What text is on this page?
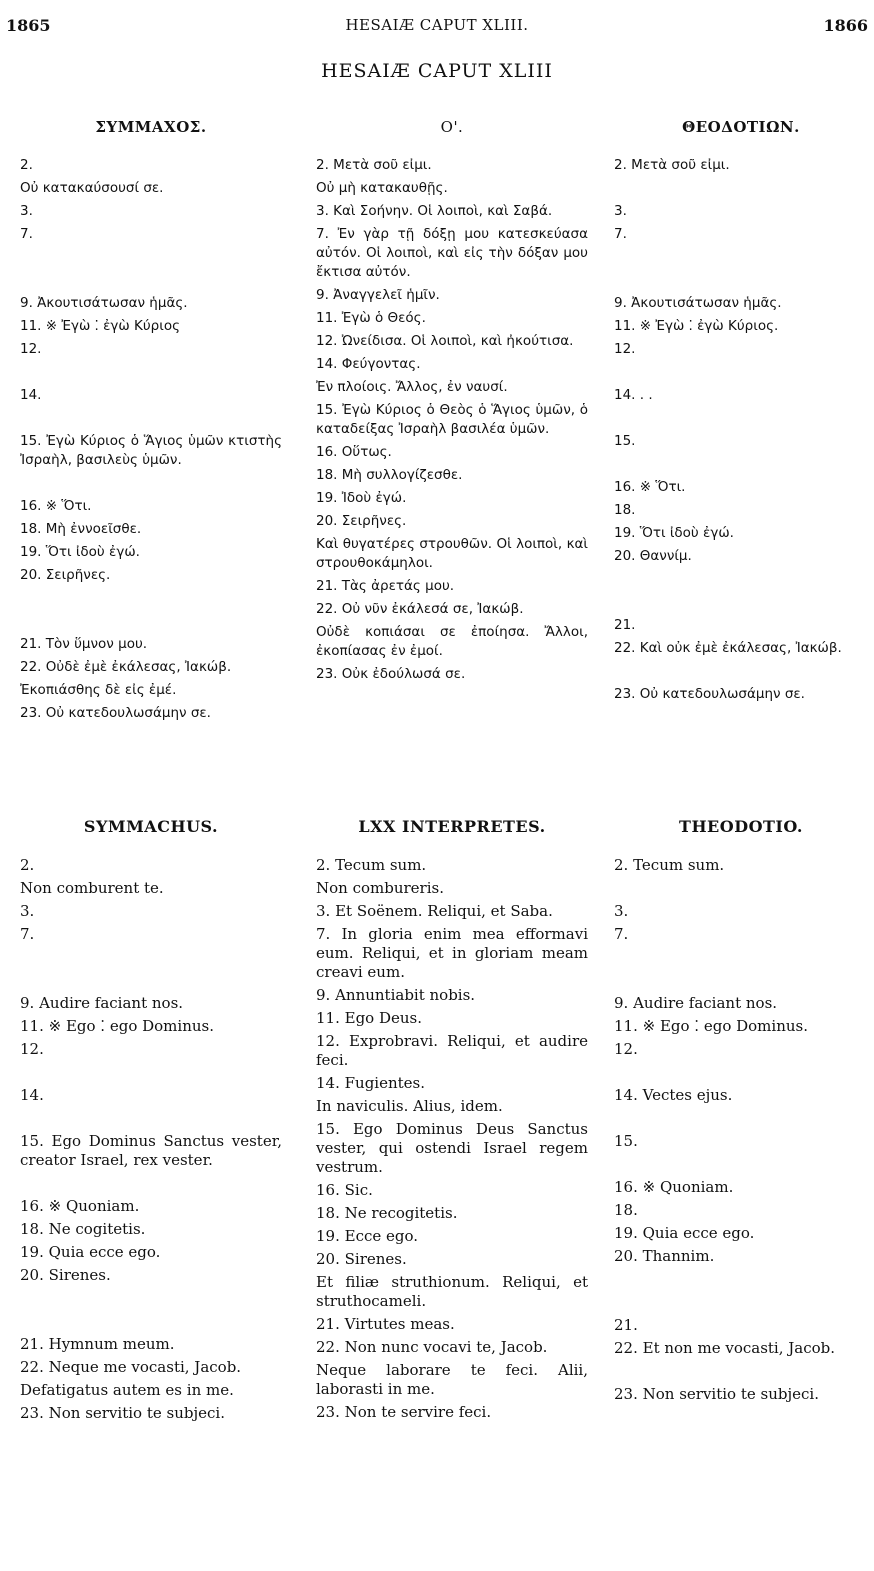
1865	HESAIÆ CAPUT XLIII.	1866
HESAIÆ CAPUT XLIII
ΣΥΜΜΑΧΟΣ.
2.
Οὐ κατακαύσουσί σε.
3.
7.
9. Ἀκουτισάτωσαν ἡμᾶς.
11. ※ Ἐγὼ ⁚ ἐγὼ Κύριος
12.
14.
15. Ἐγὼ Κύριος ὁ Ἅγιος ὑμῶν κτιστὴς Ἰσραὴλ, βασιλεὺς ὑμῶν.
16. ※ Ὅτι.
18. Μὴ ἐννοεῖσθε.
19. Ὅτι ἰδοὺ ἐγώ.
20. Σειρῆνες.
21. Τὸν ὕμνον μου.
22. Οὐδὲ ἐμὲ ἐκάλεσας, Ἰακώβ.
Ἐκοπιάσθης δὲ εἰς ἐμέ.
23. Οὐ κατεδουλωσάμην σε.
Ο'.
2. Μετὰ σοῦ εἰμι.
Οὐ μὴ κατακαυθῇς.
3. Καὶ Σοήνην. Οἱ λοιποὶ, καὶ Σαβά.
7. Ἐν γὰρ τῇ δόξῃ μου κατεσκεύασα αὐτόν. Οἱ λοιποὶ, καὶ εἰς τὴν δόξαν μου ἔκτισα αὐτόν.
9. Ἀναγγελεῖ ἡμῖν.
11. Ἐγὼ ὁ Θεός.
12. Ὠνείδισα. Οἱ λοιποὶ, καὶ ἠκούτισα.
14. Φεύγοντας.
Ἐν πλοίοις. Ἄλλος, ἐν ναυσί.
15. Ἐγὼ Κύριος ὁ Θεὸς ὁ Ἅγιος ὑμῶν, ὁ καταδείξας Ἰσραὴλ βασιλέα ὑμῶν.
16. Οὕτως.
18. Μὴ συλλογίζεσθε.
19. Ἰδοὺ ἐγώ.
20. Σειρῆνες.
Καὶ θυγατέρες στρουθῶν. Οἱ λοιποὶ, καὶ στρουθοκάμηλοι.
21. Τὰς ἀρετάς μου.
22. Οὐ νῦν ἐκάλεσά σε, Ἰακώβ.
Οὐδὲ κοπιάσαι σε ἐποίησα. Ἄλλοι, ἐκοπίασας ἐν ἐμοί.
23. Οὐκ ἐδούλωσά σε.
ΘΕΟΔΟΤΙΩΝ.
2. Μετὰ σοῦ εἰμι.
3.
7.
9. Ἀκουτισάτωσαν ἡμᾶς.
11. ※ Ἐγὼ ⁚ ἐγὼ Κύριος.
12.
14. . .
15.
16. ※ Ὅτι.
18.
19. Ὅτι ἰδοὺ ἐγώ.
20. Θαννίμ.
21.
22. Καὶ οὐκ ἐμὲ ἐκάλεσας, Ἰακώβ.
23. Οὐ κατεδουλωσάμην σε.
SYMMACHUS.
2.
Non comburent te.
3.
7.
9. Audire faciant nos.
11. ※ Ego ⁚ ego Dominus.
12.
14.
15. Ego Dominus Sanctus vester, creator Israel, rex vester.
16. ※ Quoniam.
18. Ne cogitetis.
19. Quia ecce ego.
20. Sirenes.
21. Hymnum meum.
22. Neque me vocasti, Jacob.
Defatigatus autem es in me.
23. Non servitio te subjeci.
LXX INTERPRETES.
2. Tecum sum.
Non combureris.
3. Et Soënem. Reliqui, et Saba.
7. In gloria enim mea efformavi eum. Reliqui, et in gloriam meam creavi eum.
9. Annuntiabit nobis.
11. Ego Deus.
12. Exprobravi. Reliqui, et audire feci.
14. Fugientes.
In naviculis. Alius, idem.
15. Ego Dominus Deus Sanctus vester, qui ostendi Israel regem vestrum.
16. Sic.
18. Ne recogitetis.
19. Ecce ego.
20. Sirenes.
Et filiæ struthionum. Reliqui, et struthocameli.
21. Virtutes meas.
22. Non nunc vocavi te, Jacob.
Neque laborare te feci. Alii, laborasti in me.
23. Non te servire feci.
THEODOTIO.
2. Tecum sum.
3.
7.
9. Audire faciant nos.
11. ※ Ego ⁚ ego Dominus.
12.
14. Vectes ejus.
15.
16. ※ Quoniam.
18.
19. Quia ecce ego.
20. Thannim.
21.
22. Et non me vocasti, Jacob.
23. Non servitio te subjeci.
